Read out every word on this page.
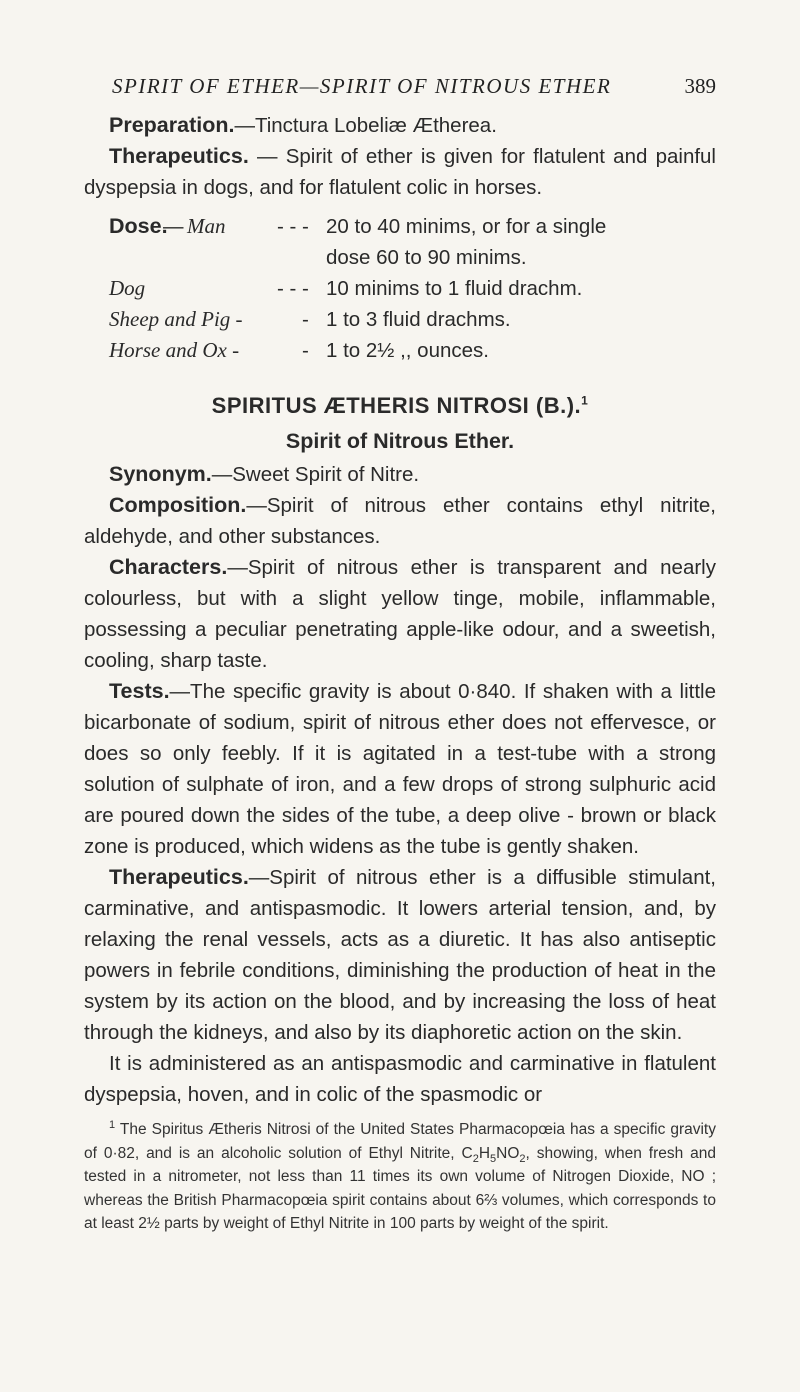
SPIRIT OF ETHER—SPIRIT OF NITROUS ETHER	389

Preparation.—Tinctura Lobeliæ Ætherea.

Therapeutics. — Spirit of ether is given for flatulent and painful dyspepsia in dogs, and for flatulent colic in horses.

Dose.
— Man	- - - 20 to 40 minims, or for a single
dose 60 to 90 minims.
Dog	- - - 10 minims to 1 fluid drachm.
Sheep and Pig -	- 1 to 3 fluid drachms.
Horse and Ox -	- 1 to 2½ ,, ounces.

SPIRITUS ÆTHERIS NITROSI (B.).$^1$

Spirit of Nitrous Ether.

Synonym.—Sweet Spirit of Nitre.

Composition.—Spirit of nitrous ether contains ethyl nitrite, aldehyde, and other substances.

Characters.—Spirit of nitrous ether is transparent and nearly colourless, but with a slight yellow tinge, mobile, inflammable, possessing a peculiar penetrating apple-like odour, and a sweetish, cooling, sharp taste.

Tests.—The specific gravity is about 0·840. If shaken with a little bicarbonate of sodium, spirit of nitrous ether does not effervesce, or does so only feebly. If it is agitated in a test-tube with a strong solution of sulphate of iron, and a few drops of strong sulphuric acid are poured down the sides of the tube, a deep olive - brown or black zone is produced, which widens as the tube is gently shaken.

Therapeutics.—Spirit of nitrous ether is a diffusible stimulant, carminative, and antispasmodic. It lowers arterial tension, and, by relaxing the renal vessels, acts as a diuretic. It has also antiseptic powers in febrile conditions, diminishing the production of heat in the system by its action on the blood, and by increasing the loss of heat through the kidneys, and also by its diaphoretic action on the skin.

It is administered as an antispasmodic and carminative in flatulent dyspepsia, hoven, and in colic of the spasmodic or

$^1$ The Spiritus Ætheris Nitrosi of the United States Pharmacopœia has a specific gravity of 0·82, and is an alcoholic solution of Ethyl Nitrite, $C_2H_5NO_2$, showing, when fresh and tested in a nitrometer, not less than 11 times its own volume of Nitrogen Dioxide, NO ; whereas the British Pharmacopœia spirit contains about 6⅔ volumes, which corresponds to at least 2½ parts by weight of Ethyl Nitrite in 100 parts by weight of the spirit.
